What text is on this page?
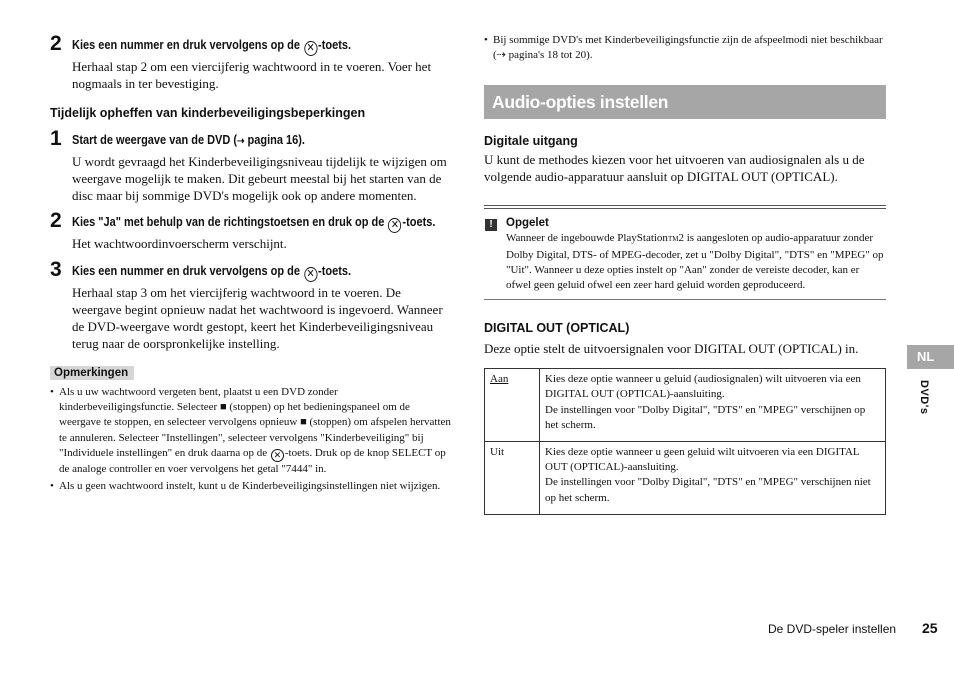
2 Kies een nummer en druk vervolgens op de ✕ -toets.

Herhaal stap 2 om een viercijferig wachtwoord in te voeren. Voer het nogmaals in ter bevestiging.

Tijdelijk opheffen van kinderbeveiligingsbeperkingen
1 Start de weergave van de DVD (⇢ pagina 16).

U wordt gevraagd het Kinderbeveiligingsniveau tijdelijk te wijzigen om weergave mogelijk te maken. Dit gebeurt meestal bij het starten van de disc maar bij sommige DVD's mogelijk ook op andere momenten.

2 Kies "Ja" met behulp van de richtingstoetsen en druk op de ✕ -toets.

Het wachtwoordinvoerscherm verschijnt.

3 Kies een nummer en druk vervolgens op de ✕ -toets.

Herhaal stap 3 om het viercijferig wachtwoord in te voeren. De weergave begint opnieuw nadat het wachtwoord is ingevoerd. Wanneer de DVD-weergave wordt gestopt, keert het Kinderbeveiligingsniveau terug naar de oorspronkelijke instelling.

Opmerkingen
• Als u uw wachtwoord vergeten bent, plaatst u een DVD zonder kinderbeveiligingsfunctie. Selecteer ■ (stoppen) op het bedieningspaneel om de weergave te stoppen, en selecteer vervolgens opnieuw ■ (stoppen) om afspelen hervatten te annuleren. Selecteer "Instellingen", selecteer vervolgens "Kinderbeveiliging" bij "Individuele instellingen" en druk daarna op de ✕ -toets. Druk op de knop SELECT op de analoge controller en voer vervolgens het getal "7444" in.
• Als u geen wachtwoord instelt, kunt u de Kinderbeveiligingsinstellingen niet wijzigen.
• Bij sommige DVD's met Kinderbeveiligingsfunctie zijn de afspeelmodi niet beschikbaar (⇢ pagina's 18 tot 20).
Audio-opties instellen
Digitale uitgang

U kunt de methodes kiezen voor het uitvoeren van audiosignalen als u de volgende audio-apparatuur aansluit op DIGITAL OUT (OPTICAL).

!	Opgelet
Wanneer de ingebouwde PlayStationTM2 is aangesloten op audio-apparatuur zonder Dolby Digital, DTS- of MPEG-decoder, zet u "Dolby Digital", "DTS" en "MPEG" op "Uit". Wanneer u deze opties instelt op "Aan" zonder de vereiste decoder, kan er ofwel geen geluid ofwel een zeer hard geluid worden geproduceerd.
DIGITAL OUT (OPTICAL)

Deze optie stelt de uitvoersignalen voor DIGITAL OUT (OPTICAL) in.

Aan	Kies deze optie wanneer u geluid (audiosignalen) wilt uitvoeren via een DIGITAL OUT (OPTICAL)-aansluiting.
De instellingen voor "Dolby Digital", "DTS" en "MPEG" verschijnen op het scherm.

Uit	Kies deze optie wanneer u geen geluid wilt uitvoeren via een DIGITAL OUT (OPTICAL)-aansluiting.
De instellingen voor "Dolby Digital", "DTS" en "MPEG" verschijnen niet op het scherm.
NL
DVD's
De DVD-speler instellen 25
